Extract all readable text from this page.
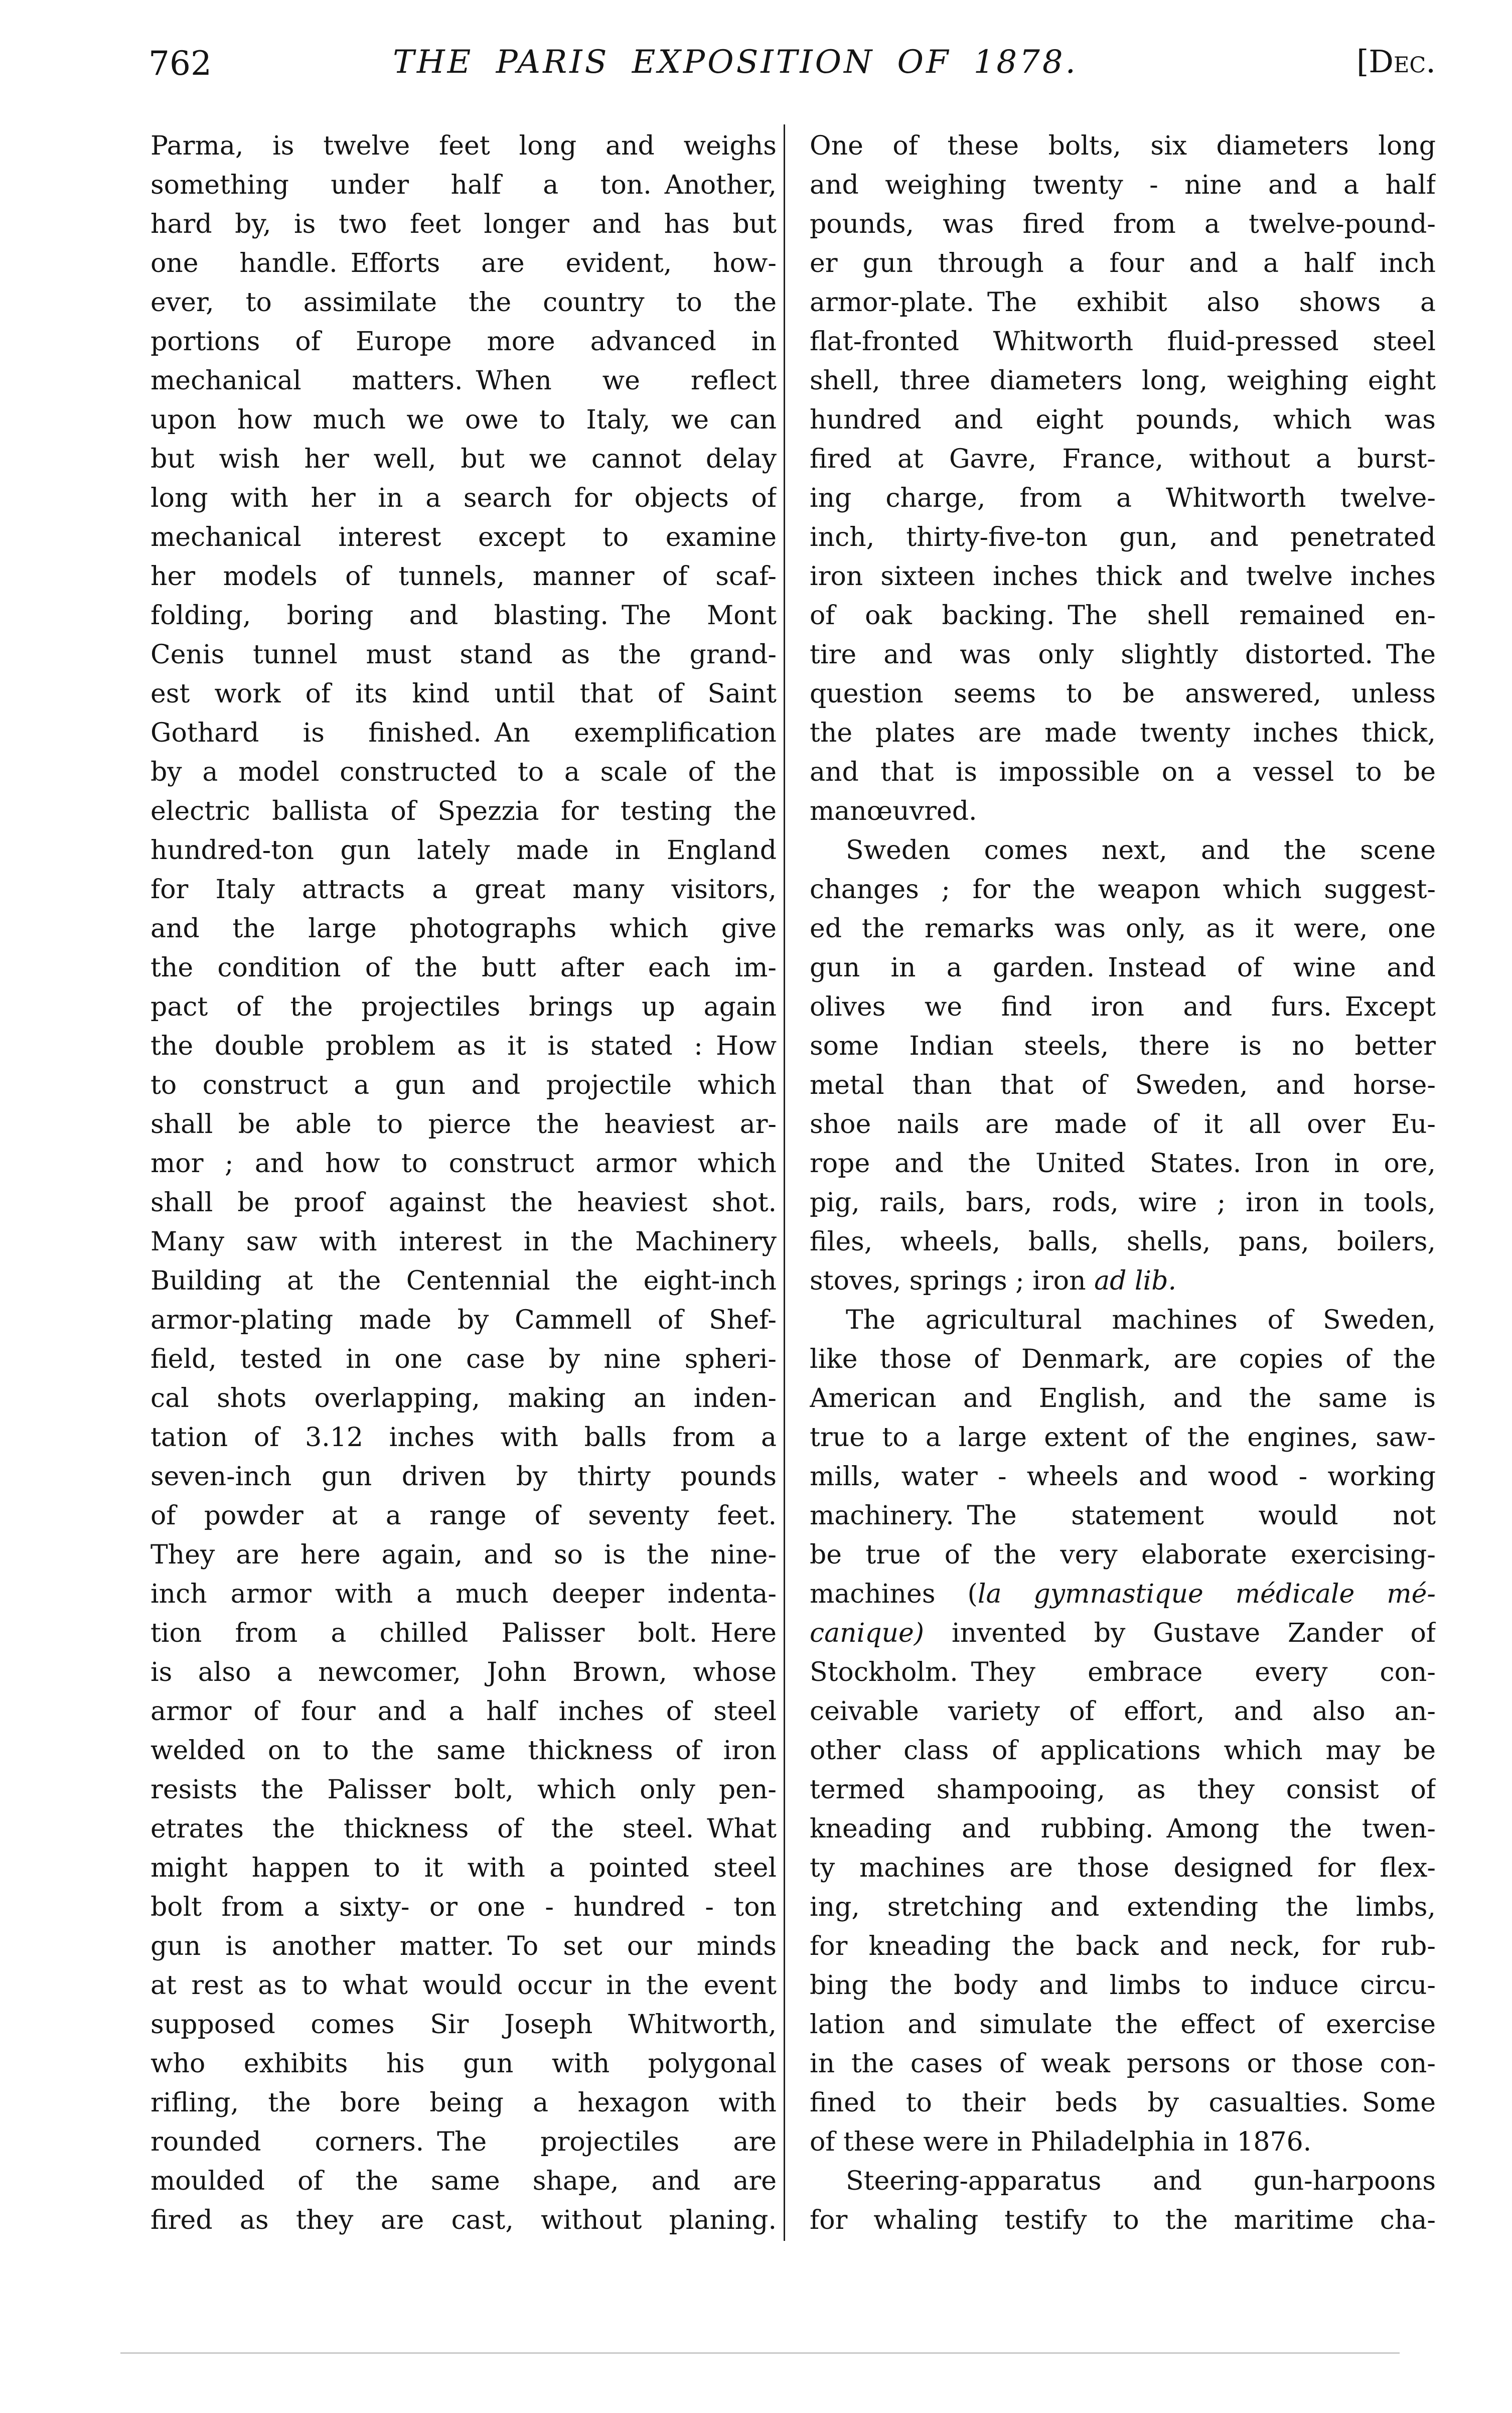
762	THE PARIS EXPOSITION OF 1878.	[Dec.
Parma, is twelve feet long and weighs
something under half a ton. Another,
hard by, is two feet longer and has but
one handle. Efforts are evident, how-
ever, to assimilate the country to the
portions of Europe more advanced in
mechanical matters. When we reflect
upon how much we owe to Italy, we can
but wish her well, but we cannot delay
long with her in a search for objects of
mechanical interest except to examine
her models of tunnels, manner of scaf-
folding, boring and blasting. The Mont
Cenis tunnel must stand as the grand-
est work of its kind until that of Saint
Gothard is finished. An exemplification
by a model constructed to a scale of the
electric ballista of Spezzia for testing the
hundred-ton gun lately made in England
for Italy attracts a great many visitors,
and the large photographs which give
the condition of the butt after each im-
pact of the projectiles brings up again
the double problem as it is stated : How
to construct a gun and projectile which
shall be able to pierce the heaviest ar-
mor ; and how to construct armor which
shall be proof against the heaviest shot.
Many saw with interest in the Machinery
Building at the Centennial the eight-inch
armor-plating made by Cammell of Shef-
field, tested in one case by nine spheri-
cal shots overlapping, making an inden-
tation of 3.12 inches with balls from a
seven-inch gun driven by thirty pounds
of powder at a range of seventy feet.
They are here again, and so is the nine-
inch armor with a much deeper indenta-
tion from a chilled Palisser bolt. Here
is also a newcomer, John Brown, whose
armor of four and a half inches of steel
welded on to the same thickness of iron
resists the Palisser bolt, which only pen-
etrates the thickness of the steel. What
might happen to it with a pointed steel
bolt from a sixty- or one - hundred - ton
gun is another matter. To set our minds
at rest as to what would occur in the event
supposed comes Sir Joseph Whitworth,
who exhibits his gun with polygonal
rifling, the bore being a hexagon with
rounded corners. The projectiles are
moulded of the same shape, and are
fired as they are cast, without planing.
One of these bolts, six diameters long
and weighing twenty - nine and a half
pounds, was fired from a twelve-pound-
er gun through a four and a half inch
armor-plate. The exhibit also shows a
flat-fronted Whitworth fluid-pressed steel
shell, three diameters long, weighing eight
hundred and eight pounds, which was
fired at Gavre, France, without a burst-
ing charge, from a Whitworth twelve-
inch, thirty-five-ton gun, and penetrated
iron sixteen inches thick and twelve inches
of oak backing. The shell remained en-
tire and was only slightly distorted. The
question seems to be answered, unless
the plates are made twenty inches thick,
and that is impossible on a vessel to be
manœuvred.
Sweden comes next, and the scene
changes ; for the weapon which suggest-
ed the remarks was only, as it were, one
gun in a garden. Instead of wine and
olives we find iron and furs. Except
some Indian steels, there is no better
metal than that of Sweden, and horse-
shoe nails are made of it all over Eu-
rope and the United States. Iron in ore,
pig, rails, bars, rods, wire ; iron in tools,
files, wheels, balls, shells, pans, boilers,
stoves, springs ; iron ad lib.
The agricultural machines of Sweden,
like those of Denmark, are copies of the
American and English, and the same is
true to a large extent of the engines, saw-
mills, water - wheels and wood - working
machinery. The statement would not
be true of the very elaborate exercising-
machines (la gymnastique médicale mé-
canique) invented by Gustave Zander of
Stockholm. They embrace every con-
ceivable variety of effort, and also an-
other class of applications which may be
termed shampooing, as they consist of
kneading and rubbing. Among the twen-
ty machines are those designed for flex-
ing, stretching and extending the limbs,
for kneading the back and neck, for rub-
bing the body and limbs to induce circu-
lation and simulate the effect of exercise
in the cases of weak persons or those con-
fined to their beds by casualties. Some
of these were in Philadelphia in 1876.
Steering-apparatus and gun-harpoons
for whaling testify to the maritime cha-
